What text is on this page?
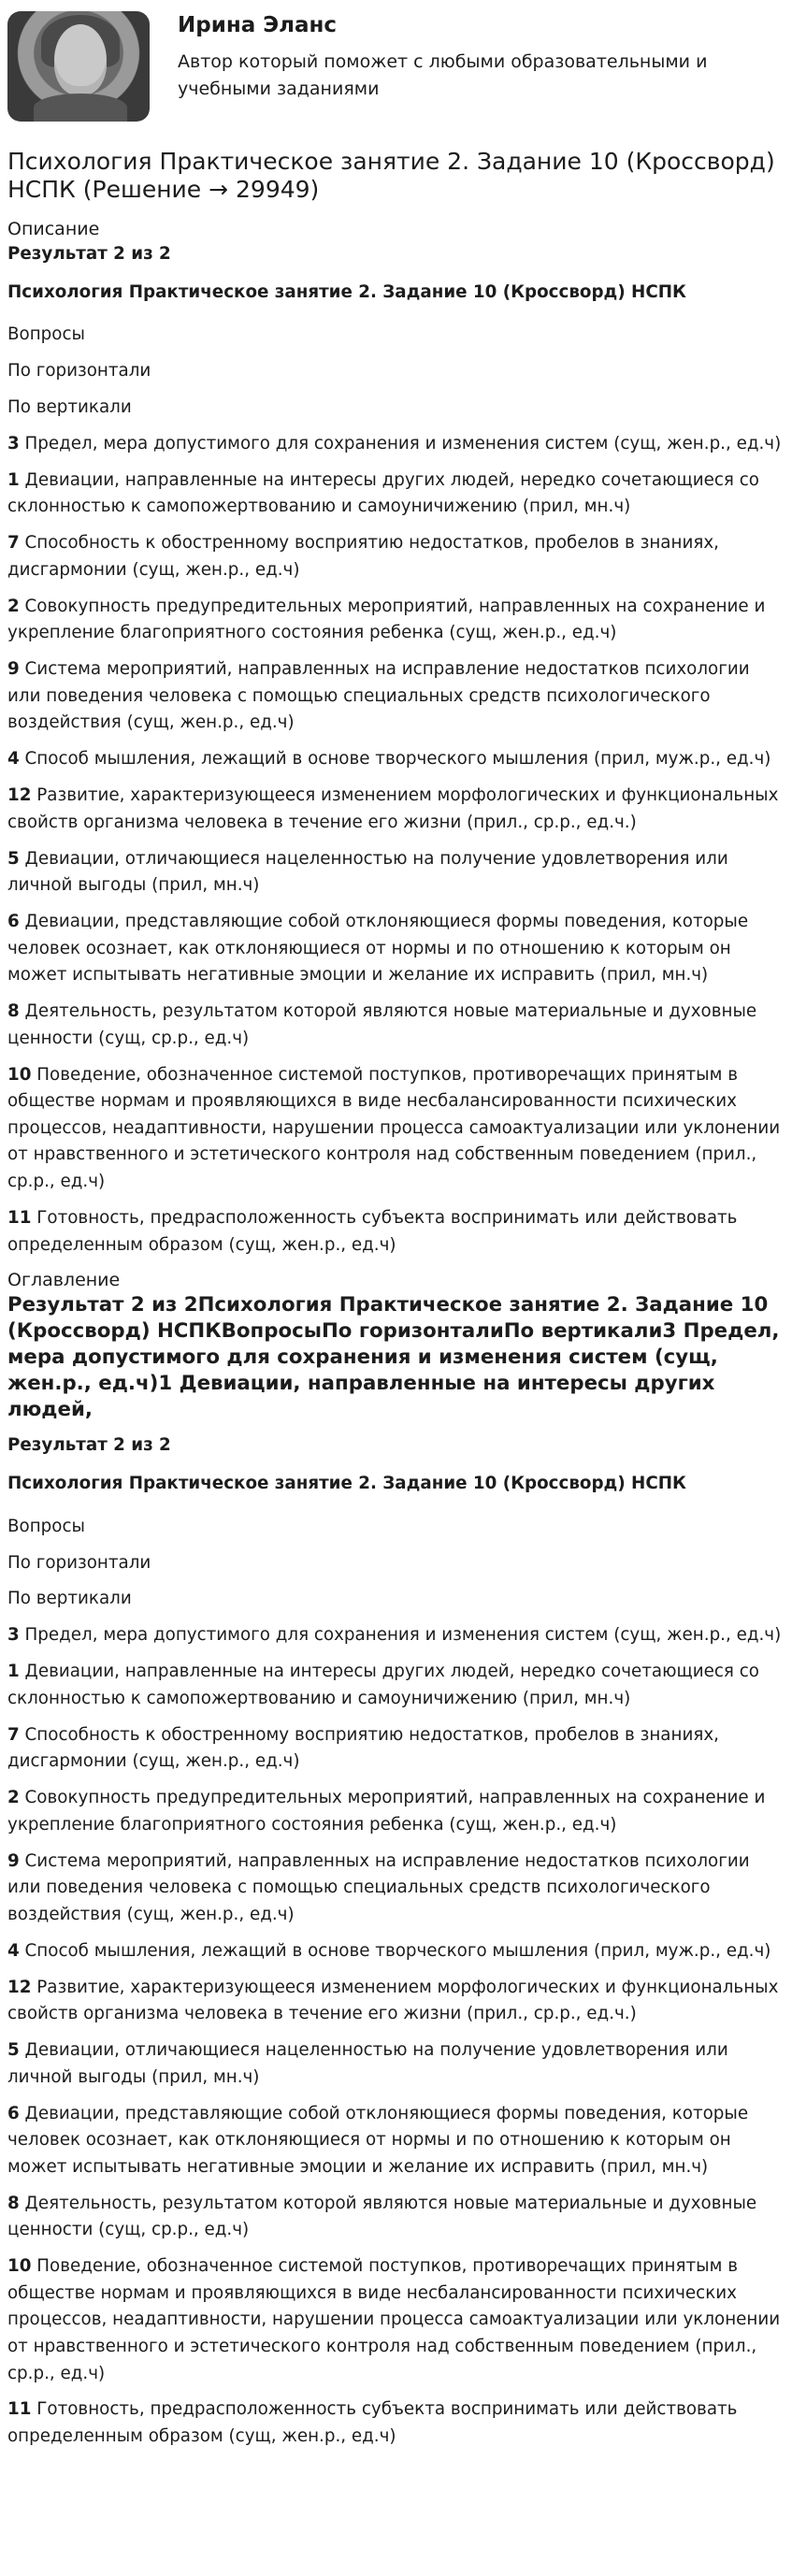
Ирина Эланс

Автор который поможет с любыми образовательными и учебными заданиями

Психология Практическое занятие 2. Задание 10 (Кроссворд) НСПК (Решение → 29949)

Описание

Результат 2 из 2

Психология Практическое занятие 2. Задание 10 (Кроссворд) НСПК

Вопросы

По горизонтали

По вертикали

3 Предел, мера допустимого для сохранения и изменения систем (сущ, жен.р., ед.ч)

1 Девиации, направленные на интересы других людей, нередко сочетающиеся со склонностью к самопожертвованию и самоуничижению (прил, мн.ч)

7 Способность к обостренному восприятию недостатков, пробелов в знаниях, дисгармонии (сущ, жен.р., ед.ч)

2 Совокупность предупредительных мероприятий, направленных на сохранение и укрепление благоприятного состояния ребенка (сущ, жен.р., ед.ч)

9 Система мероприятий, направленных на исправление недостатков психологии или поведения человека с помощью специальных средств психологического воздействия (сущ, жен.р., ед.ч)

4 Способ мышления, лежащий в основе творческого мышления (прил, муж.р., ед.ч)

12 Развитие, характеризующееся изменением морфологических и функциональных свойств организма человека в течение его жизни (прил., ср.р., ед.ч.)

5 Девиации, отличающиеся нацеленностью на получение удовлетворения или личной выгоды (прил, мн.ч)

6 Девиации, представляющие собой отклоняющиеся формы поведения, которые человек осознает, как отклоняющиеся от нормы и по отношению к которым он может испытывать негативные эмоции и желание их исправить (прил, мн.ч)

8 Деятельность, результатом которой являются новые материальные и духовные ценности (сущ, ср.р., ед.ч)

10 Поведение, обозначенное системой поступков, противоречащих принятым в обществе нормам и проявляющихся в виде несбалансированности психических процессов, неадаптивности, нарушении процесса самоактуализации или уклонении от нравственного и эстетического контроля над собственным поведением (прил., ср.р., ед.ч)

11 Готовность, предрасположенность субъекта воспринимать или действовать определенным образом (сущ, жен.р., ед.ч)

Оглавление

Результат 2 из 2Психология Практическое занятие 2. Задание 10 (Кроссворд) НСПКВопросыПо горизонталиПо вертикали3 Предел, мера допустимого для сохранения и изменения систем (сущ, жен.р., ед.ч)1 Девиации, направленные на интересы других людей,

Результат 2 из 2

Психология Практическое занятие 2. Задание 10 (Кроссворд) НСПК

Вопросы

По горизонтали

По вертикали

3 Предел, мера допустимого для сохранения и изменения систем (сущ, жен.р., ед.ч)

1 Девиации, направленные на интересы других людей, нередко сочетающиеся со склонностью к самопожертвованию и самоуничижению (прил, мн.ч)

7 Способность к обостренному восприятию недостатков, пробелов в знаниях, дисгармонии (сущ, жен.р., ед.ч)

2 Совокупность предупредительных мероприятий, направленных на сохранение и укрепление благоприятного состояния ребенка (сущ, жен.р., ед.ч)

9 Система мероприятий, направленных на исправление недостатков психологии или поведения человека с помощью специальных средств психологического воздействия (сущ, жен.р., ед.ч)

4 Способ мышления, лежащий в основе творческого мышления (прил, муж.р., ед.ч)

12 Развитие, характеризующееся изменением морфологических и функциональных свойств организма человека в течение его жизни (прил., ср.р., ед.ч.)

5 Девиации, отличающиеся нацеленностью на получение удовлетворения или личной выгоды (прил, мн.ч)

6 Девиации, представляющие собой отклоняющиеся формы поведения, которые человек осознает, как отклоняющиеся от нормы и по отношению к которым он может испытывать негативные эмоции и желание их исправить (прил, мн.ч)

8 Деятельность, результатом которой являются новые материальные и духовные ценности (сущ, ср.р., ед.ч)

10 Поведение, обозначенное системой поступков, противоречащих принятым в обществе нормам и проявляющихся в виде несбалансированности психических процессов, неадаптивности, нарушении процесса самоактуализации или уклонении от нравственного и эстетического контроля над собственным поведением (прил., ср.р., ед.ч)

11 Готовность, предрасположенность субъекта воспринимать или действовать определенным образом (сущ, жен.р., ед.ч)
